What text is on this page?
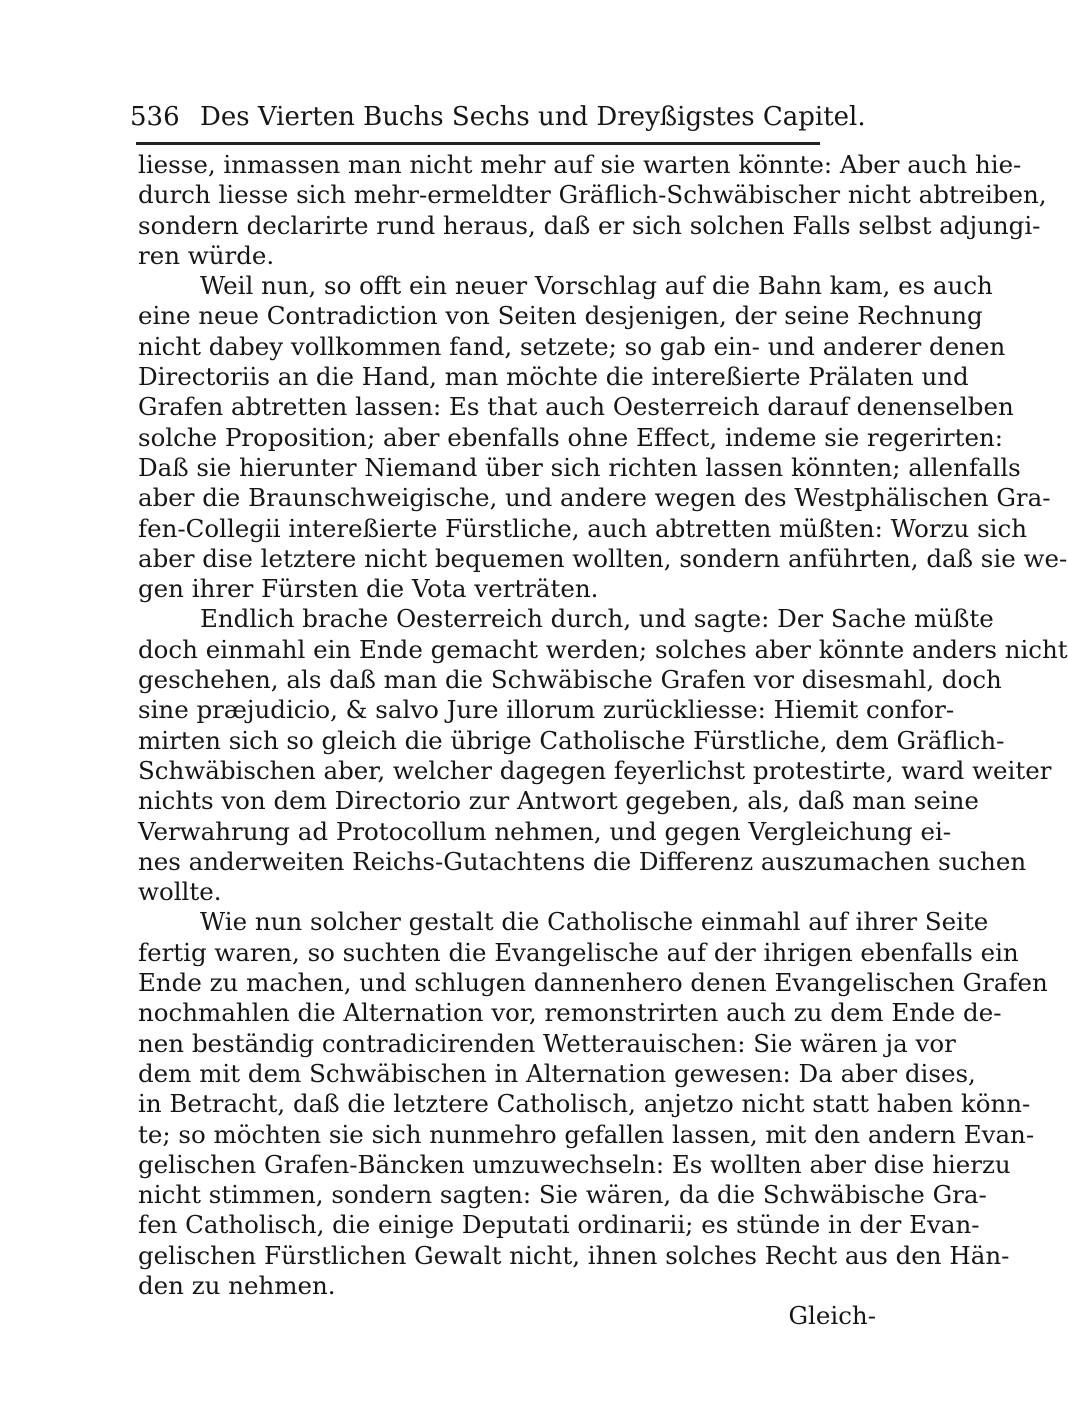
536 Des Vierten Buchs Sechs und Dreyßigstes Capitel.
liesse, inmassen man nicht mehr auf sie warten könnte: Aber auch hie-
durch liesse sich mehr-ermeldter Gräflich-Schwäbischer nicht abtreiben,
sondern declarirte rund heraus, daß er sich solchen Falls selbst adjungi-
ren würde.
Weil nun, so offt ein neuer Vorschlag auf die Bahn kam, es auch
eine neue Contradiction von Seiten desjenigen, der seine Rechnung
nicht dabey vollkommen fand, setzete; so gab ein- und anderer denen
Directoriis an die Hand, man möchte die intereßierte Prälaten und
Grafen abtretten lassen: Es that auch Oesterreich darauf denenselben
solche Proposition; aber ebenfalls ohne Effect, indeme sie regerirten:
Daß sie hierunter Niemand über sich richten lassen könnten; allenfalls
aber die Braunschweigische, und andere wegen des Westphälischen Gra-
fen-Collegii intereßierte Fürstliche, auch abtretten müßten: Worzu sich
aber dise letztere nicht bequemen wollten, sondern anführten, daß sie we-
gen ihrer Fürsten die Vota verträten.
Endlich brache Oesterreich durch, und sagte: Der Sache müßte
doch einmahl ein Ende gemacht werden; solches aber könnte anders nicht
geschehen, als daß man die Schwäbische Grafen vor disesmahl, doch
sine præjudicio, & salvo Jure illorum zurückliesse: Hiemit confor-
mirten sich so gleich die übrige Catholische Fürstliche, dem Gräflich-
Schwäbischen aber, welcher dagegen feyerlichst protestirte, ward weiter
nichts von dem Directorio zur Antwort gegeben, als, daß man seine
Verwahrung ad Protocollum nehmen, und gegen Vergleichung ei-
nes anderweiten Reichs-Gutachtens die Differenz auszumachen suchen
wollte.
Wie nun solcher gestalt die Catholische einmahl auf ihrer Seite
fertig waren, so suchten die Evangelische auf der ihrigen ebenfalls ein
Ende zu machen, und schlugen dannenhero denen Evangelischen Grafen
nochmahlen die Alternation vor, remonstrirten auch zu dem Ende de-
nen beständig contradicirenden Wetterauischen: Sie wären ja vor
dem mit dem Schwäbischen in Alternation gewesen: Da aber dises,
in Betracht, daß die letztere Catholisch, anjetzo nicht statt haben könn-
te; so möchten sie sich nunmehro gefallen lassen, mit den andern Evan-
gelischen Grafen-Bäncken umzuwechseln: Es wollten aber dise hierzu
nicht stimmen, sondern sagten: Sie wären, da die Schwäbische Gra-
fen Catholisch, die einige Deputati ordinarii; es stünde in der Evan-
gelischen Fürstlichen Gewalt nicht, ihnen solches Recht aus den Hän-
den zu nehmen.
Gleich-
